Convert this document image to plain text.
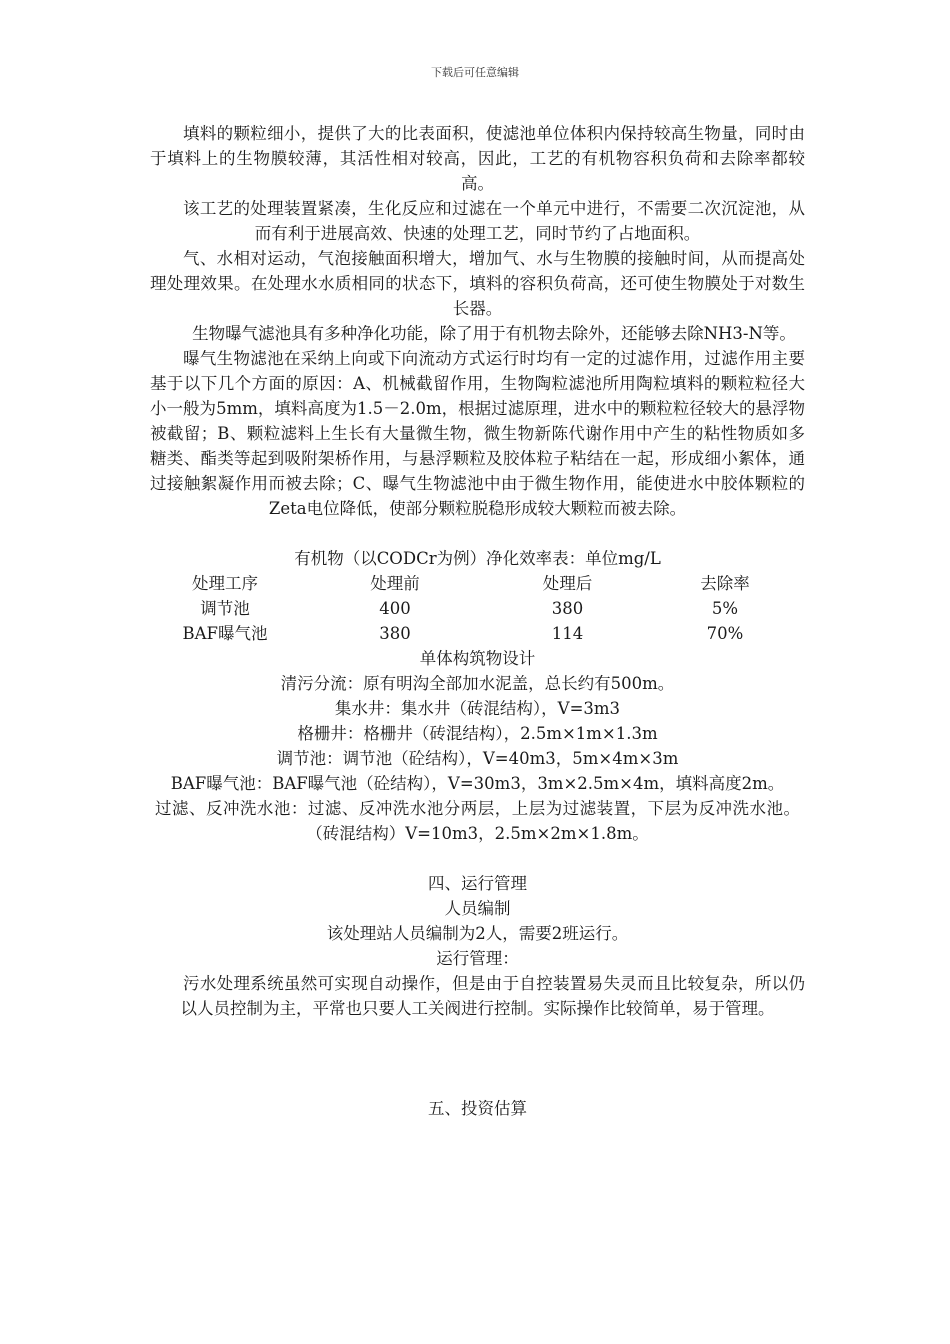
下载后可任意编辑
填料的颗粒细小，提供了大的比表面积，使滤池单位体积内保持较高生物量，同时由于填料上的生物膜较薄，其活性相对较高，因此，工艺的有机物容积负荷和去除率都较高。
该工艺的处理装置紧凑，生化反应和过滤在一个单元中进行，不需要二次沉淀池，从而有利于进展高效、快速的处理工艺，同时节约了占地面积。
气、水相对运动，气泡接触面积增大，增加气、水与生物膜的接触时间，从而提高处理处理效果。在处理水水质相同的状态下，填料的容积负荷高，还可使生物膜处于对数生长器。
生物曝气滤池具有多种净化功能，除了用于有机物去除外，还能够去除NH3-N等。
曝气生物滤池在采纳上向或下向流动方式运行时均有一定的过滤作用，过滤作用主要基于以下几个方面的原因：A、机械截留作用，生物陶粒滤池所用陶粒填料的颗粒粒径大小一般为5mm，填料高度为1.5－2.0m，根据过滤原理，进水中的颗粒粒径较大的悬浮物被截留；B、颗粒滤料上生长有大量微生物，微生物新陈代谢作用中产生的粘性物质如多糖类、酯类等起到吸附架桥作用，与悬浮颗粒及胶体粒子粘结在一起，形成细小絮体，通过接触絮凝作用而被去除；C、曝气生物滤池中由于微生物作用，能使进水中胶体颗粒的Zeta电位降低，使部分颗粒脱稳形成较大颗粒而被去除。

有机物（以CODCr为例）净化效率表：单位mg/L

处理工序	处理前	处理后	去除率
调节池	400	380	5%
BAF曝气池	380	114	70%

单体构筑物设计

清污分流：原有明沟全部加水泥盖，总长约有500m。
集水井：集水井（砖混结构），V=3m3
格栅井：格栅井（砖混结构），2.5m×1m×1.3m
调节池：调节池（砼结构），V=40m3，5m×4m×3m
BAF曝气池：BAF曝气池（砼结构），V=30m3，3m×2.5m×4m，填料高度2m。
过滤、反冲洗水池：过滤、反冲洗水池分两层，上层为过滤装置，下层为反冲洗水池。（砖混结构）V=10m3，2.5m×2m×1.8m。

四、运行管理

人员编制

该处理站人员编制为2人，需要2班运行。

运行管理：

污水处理系统虽然可实现自动操作，但是由于自控装置易失灵而且比较复杂，所以仍以人员控制为主，平常也只要人工关阀进行控制。实际操作比较简单，易于管理。

五、投资估算
